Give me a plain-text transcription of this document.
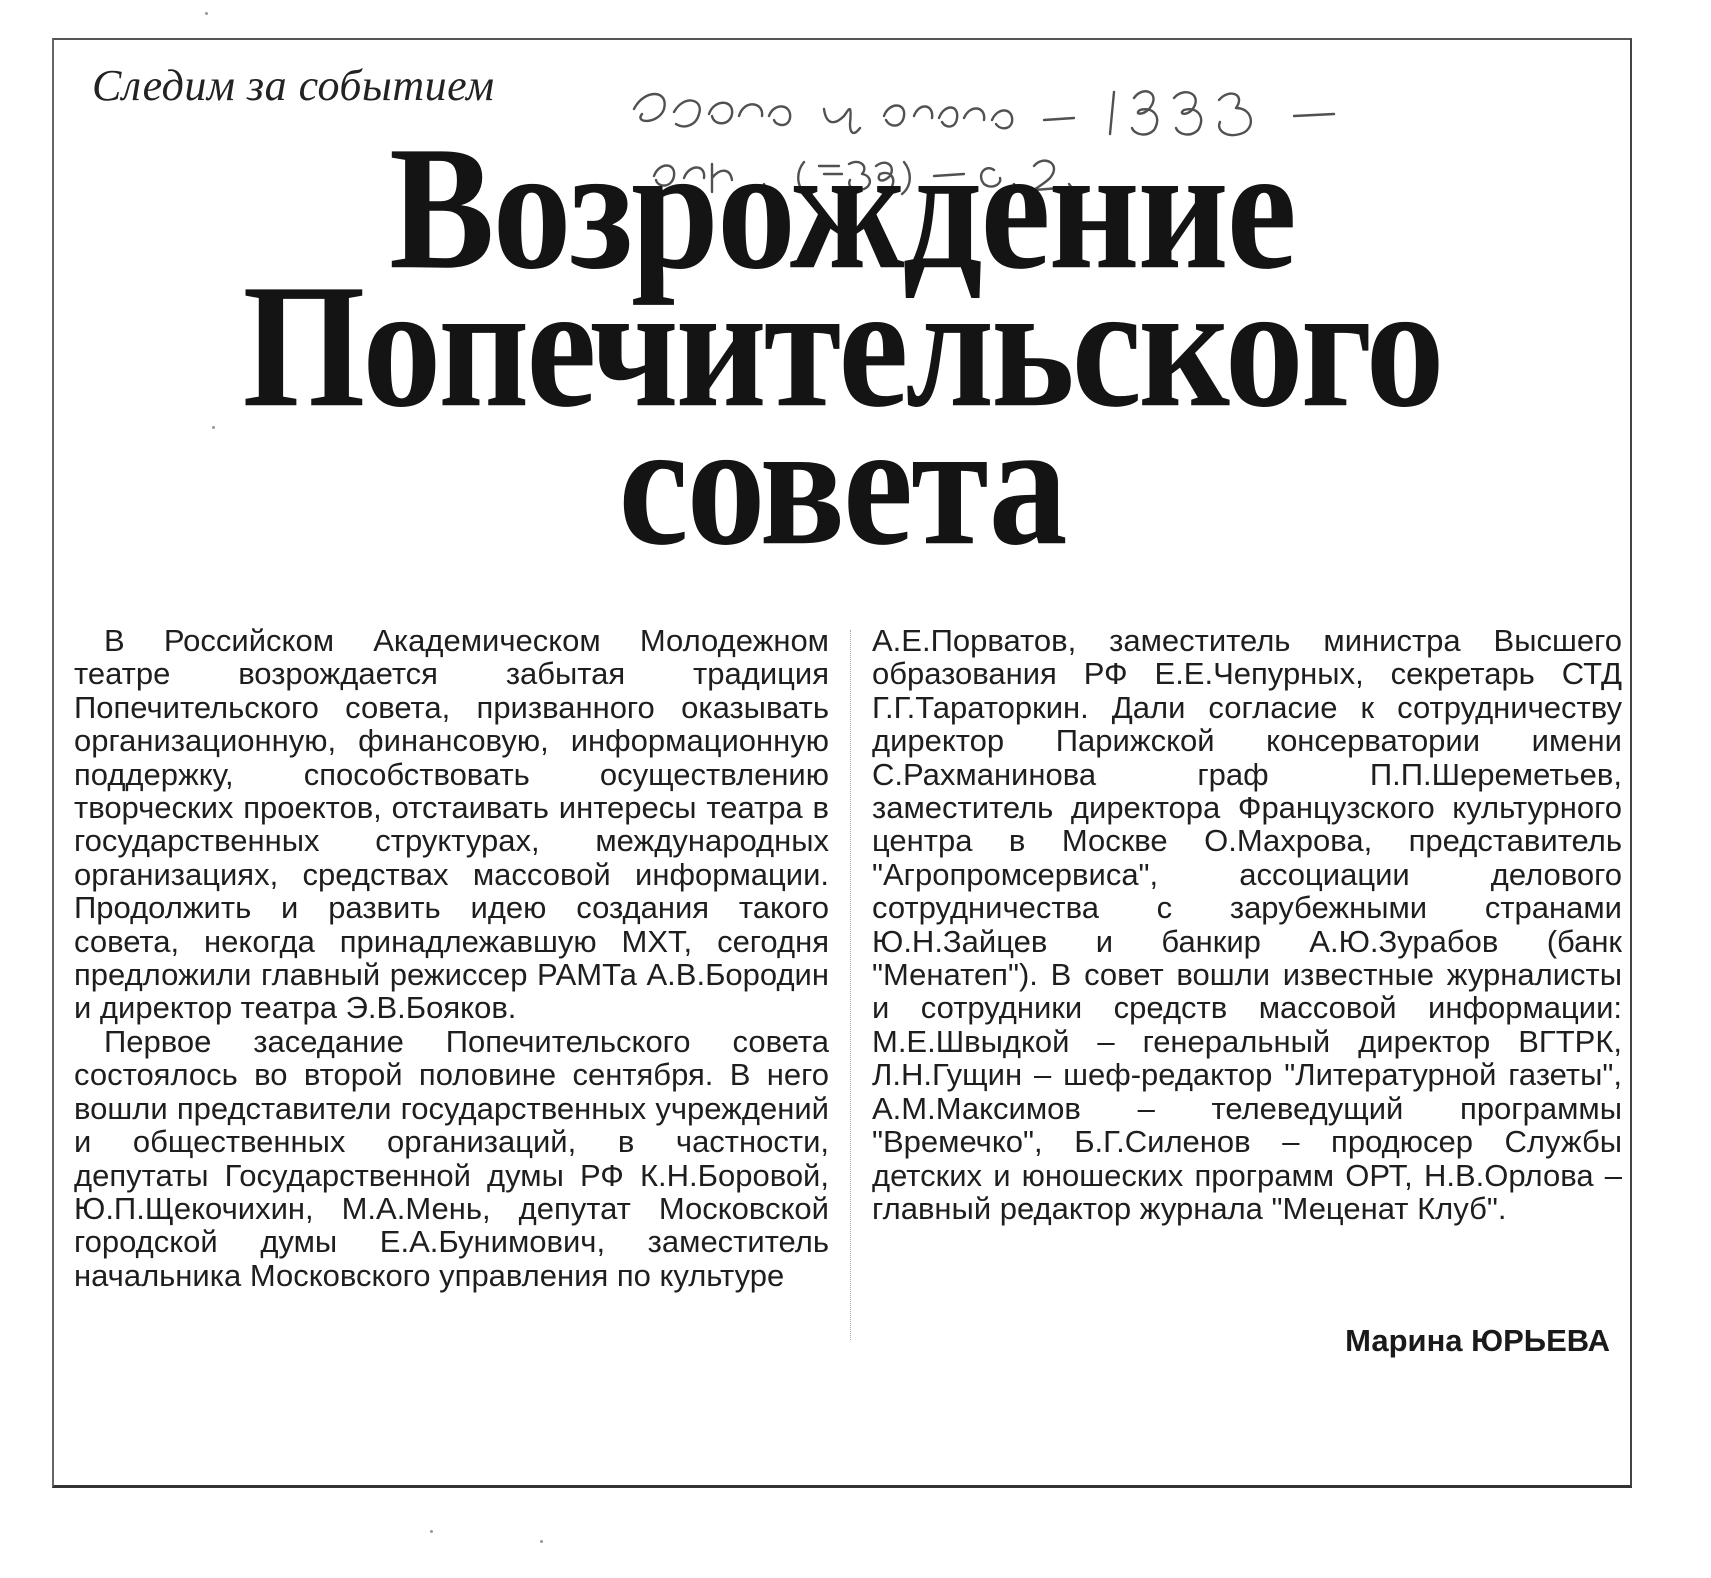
Следим за событием
Возрождение
Попечительского
совета

В Российском Академическом Молодежном театре возрождается забытая традиция Попечительского совета, призванного оказывать организационную, финансовую, информационную поддержку, способствовать осуществлению творческих проектов, отстаивать интересы театра в государственных структурах, международных организациях, средствах массовой информации. Продолжить и развить идею создания такого совета, некогда принадлежавшую МХТ, сегодня предложили главный режиссер РАМТа А.В.Бородин и директор театра Э.В.Бояков.

Первое заседание Попечительского совета состоялось во второй половине сентября. В него вошли представители государственных учреждений и общественных организаций, в частности, депутаты Государственной думы РФ К.Н.Боровой, Ю.П.Щекочихин, М.А.Мень, депутат Московской городской думы Е.А.Бунимович, заместитель начальника Московского управления по культуре

А.Е.Порватов, заместитель министра Высшего образования РФ Е.Е.Чепурных, секретарь СТД Г.Г.Тараторкин. Дали согласие к сотрудничеству директор Парижской консерватории имени С.Рахманинова граф П.П.Шереметьев, заместитель директора Французского культурного центра в Москве О.Махрова, представитель "Агропромсервиса", ассоциации делового сотрудничества с зарубежными странами Ю.Н.Зайцев и банкир А.Ю.Зурабов (банк "Менатеп"). В совет вошли известные журналисты и сотрудники средств массовой информации: М.Е.Швыдкой – генеральный директор ВГТРК, Л.Н.Гущин – шеф-редактор "Литературной газеты", А.М.Максимов – телеведущий программы "Времечко", Б.Г.Силенов – продюсер Службы детских и юношеских программ ОРТ, Н.В.Орлова – главный редактор журнала "Меценат Клуб".

Марина ЮРЬЕВА
